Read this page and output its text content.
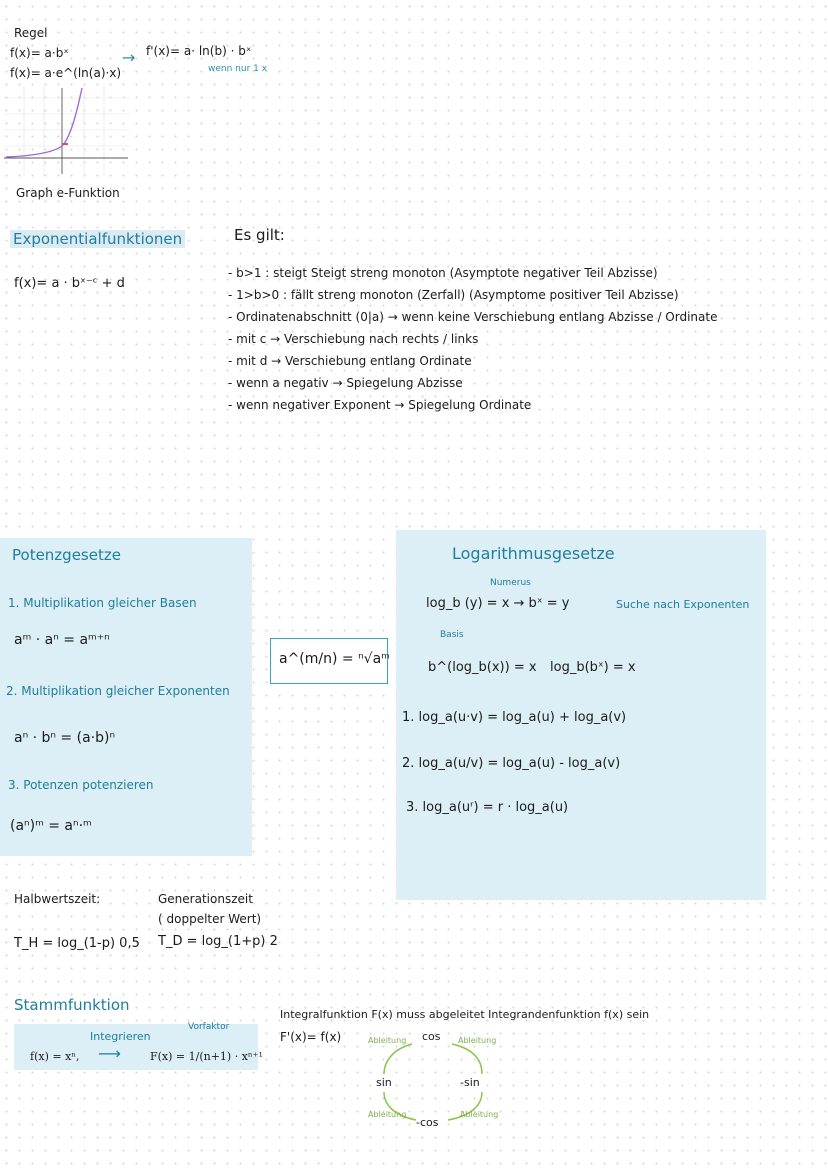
Regel
f(x)= a·bˣ
f(x)= a·e^(ln(a)·x)
→ f'(x)= a· ln(b) · bˣ
wenn nur 1 x
Graph e-Funktion
Exponentialfunktionen
f(x)= a · bˣ⁻ᶜ + d
Es gilt:
- b>1 : steigt Steigt streng monoton (Asymptote negativer Teil Abzisse)
- 1>b>0 : fällt streng monoton (Zerfall) (Asymptome positiver Teil Abzisse)
- Ordinatenabschnitt (0|a) → wenn keine Verschiebung entlang Abzisse / Ordinate
- mit c → Verschiebung nach rechts / links
- mit d → Verschiebung entlang Ordinate
- wenn a negativ → Spiegelung Abzisse
- wenn negativer Exponent → Spiegelung Ordinate
Potenzgesetze
1. Multiplikation gleicher Basen
aᵐ · aⁿ = aᵐ⁺ⁿ
2. Multiplikation gleicher Exponenten
aⁿ · bⁿ = (a·b)ⁿ
3. Potenzen potenzieren
(aⁿ)ᵐ = aⁿ·ᵐ
a^(m/n) = ⁿ√aᵐ
Logarithmusgesetze
Numerus
log_b (y) = x → bˣ = y	Suche nach Exponenten
Basis
b^(log_b(x)) = x log_b(bˣ) = x
1. log_a(u·v) = log_a(u) + log_a(v)
2. log_a(u/v) = log_a(u) - log_a(v)
3. log_a(uʳ) = r · log_a(u)
Halbwertszeit:
T_H = log_(1-p) 0,5
Generationszeit
( doppelter Wert)
T_D = log_(1+p) 2
Stammfunktion
Integrieren
Vorfaktor
f(x) = xⁿ, ⟶	F(x) = 1/(n+1) · xⁿ⁺¹
Integralfunktion F(x) muss abgeleitet Integrandenfunktion f(x) sein
F'(x)= f(x)	cos
sin	-sin
-cos
Ableitung	Ableitung
Ableitung	Ableitung
